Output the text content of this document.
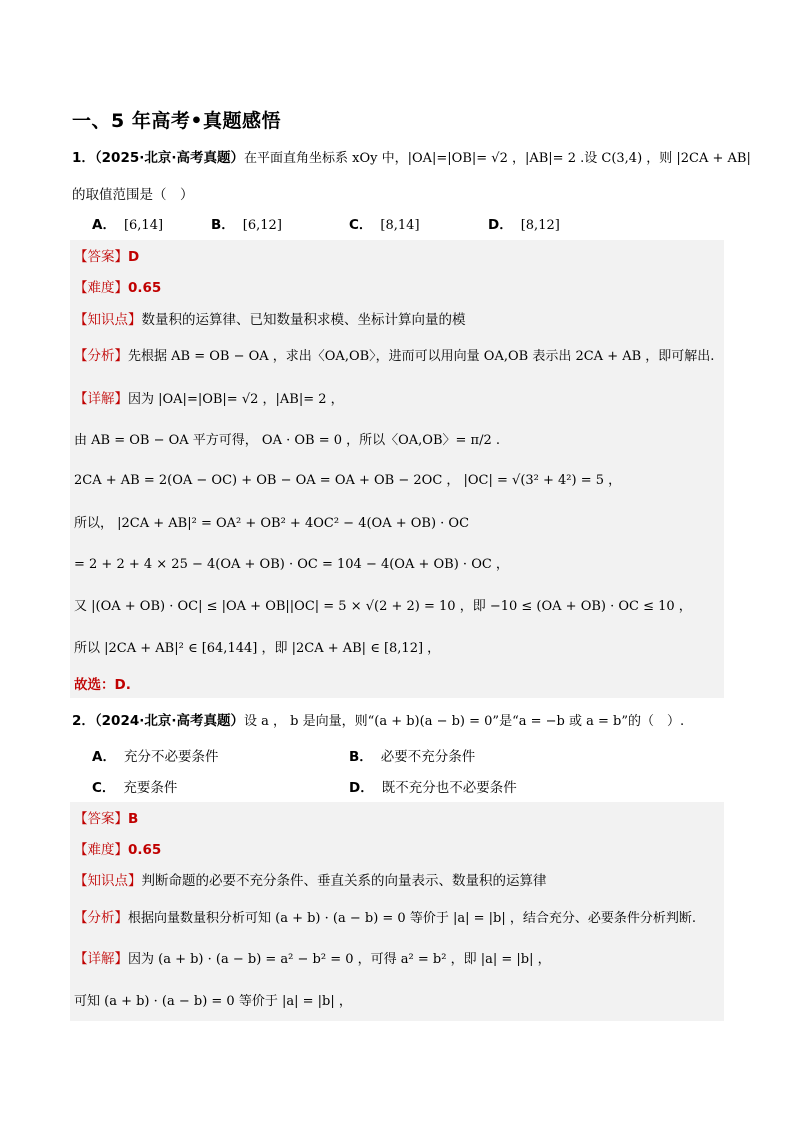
一、5 年高考•真题感悟
1．（2025·北京·高考真题）在平面直角坐标系 xOy 中，|OA|=|OB|= √2 ，|AB|= 2 .设 C(3,4) ，则 |2CA + AB|
的取值范围是（　）
A． [6,14]	B． [6,12]	C． [8,14]	D． [8,12]
【答案】D
【难度】0.65
【知识点】数量积的运算律、已知数量积求模、坐标计算向量的模
【分析】先根据 AB = OB − OA ，求出〈OA,OB〉，进而可以用向量 OA,OB 表示出 2CA + AB ，即可解出.
【详解】因为 |OA|=|OB|= √2 ，|AB|= 2 ，
由 AB = OB − OA 平方可得， OA · OB = 0 ，所以〈OA,OB〉= π/2 .
2CA + AB = 2(OA − OC) + OB − OA = OA + OB − 2OC ， |OC| = √(3² + 4²) = 5 ，
所以， |2CA + AB|² = OA² + OB² + 4OC² − 4(OA + OB) · OC
= 2 + 2 + 4 × 25 − 4(OA + OB) · OC = 104 − 4(OA + OB) · OC ，
又 |(OA + OB) · OC| ≤ |OA + OB||OC| = 5 × √(2 + 2) = 10 ，即 −10 ≤ (OA + OB) · OC ≤ 10 ，
所以 |2CA + AB|² ∈ [64,144] ，即 |2CA + AB| ∈ [8,12] ，
故选：D.
2．（2024·北京·高考真题）设 a ， b 是向量，则“(a + b)(a − b) = 0”是“a = −b 或 a = b”的（　）.
A． 充分不必要条件	B． 必要不充分条件
C． 充要条件	D． 既不充分也不必要条件
【答案】B
【难度】0.65
【知识点】判断命题的必要不充分条件、垂直关系的向量表示、数量积的运算律
【分析】根据向量数量积分析可知 (a + b) · (a − b) = 0 等价于 |a| = |b| ，结合充分、必要条件分析判断.
【详解】因为 (a + b) · (a − b) = a² − b² = 0 ，可得 a² = b² ，即 |a| = |b| ，
可知 (a + b) · (a − b) = 0 等价于 |a| = |b| ，
